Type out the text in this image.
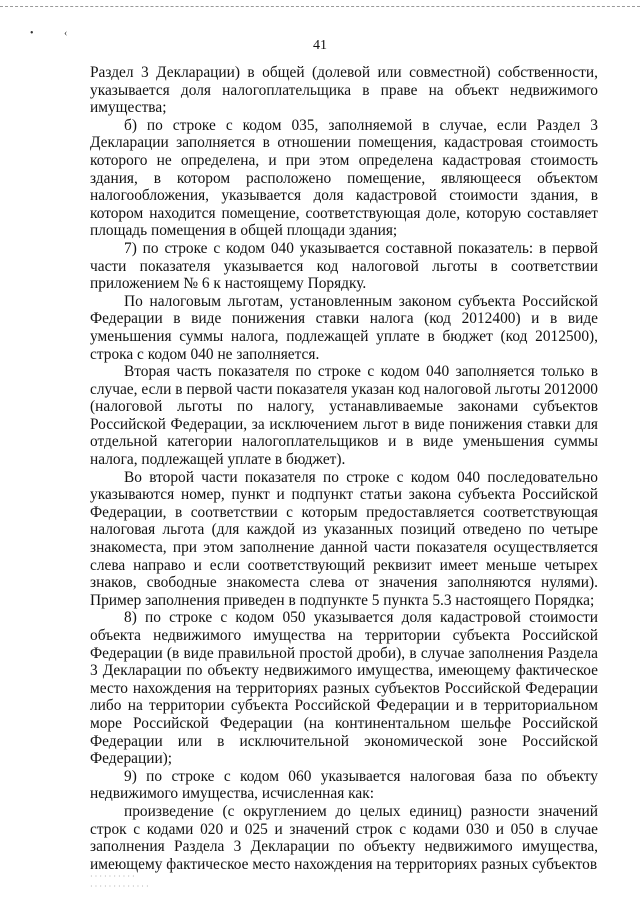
•	‹
41

Раздел 3 Декларации) в общей (долевой или совместной) собственности, указывается доля налогоплательщика в праве на объект недвижимого имущества;

б) по строке с кодом 035, заполняемой в случае, если Раздел 3 Декларации заполняется в отношении помещения, кадастровая стоимость которого не определена, и при этом определена кадастровая стоимость здания, в котором расположено помещение, являющееся объектом налогообложения, указывается доля кадастровой стоимости здания, в котором находится помещение, соответствующая доле, которую составляет площадь помещения в общей площади здания;

7) по строке с кодом 040 указывается составной показатель: в первой части показателя указывается код налоговой льготы в соответствии приложением № 6 к настоящему Порядку.

По налоговым льготам, установленным законом субъекта Российской Федерации в виде понижения ставки налога (код 2012400) и в виде уменьшения суммы налога, подлежащей уплате в бюджет (код 2012500), строка с кодом 040 не заполняется.

Вторая часть показателя по строке с кодом 040 заполняется только в случае, если в первой части показателя указан код налоговой льготы 2012000 (налоговой льготы по налогу, устанавливаемые законами субъектов Российской Федерации, за исключением льгот в виде понижения ставки для отдельной категории налогоплательщиков и в виде уменьшения суммы налога, подлежащей уплате в бюджет).

Во второй части показателя по строке с кодом 040 последовательно указываются номер, пункт и подпункт статьи закона субъекта Российской Федерации, в соответствии с которым предоставляется соответствующая налоговая льгота (для каждой из указанных позиций отведено по четыре знакоместа, при этом заполнение данной части показателя осуществляется слева направо и если соответствующий реквизит имеет меньше четырех знаков, свободные знакоместа слева от значения заполняются нулями). Пример заполнения приведен в подпункте 5 пункта 5.3 настоящего Порядка;

8) по строке с кодом 050 указывается доля кадастровой стоимости объекта недвижимого имущества на территории субъекта Российской Федерации (в виде правильной простой дроби), в случае заполнения Раздела 3 Декларации по объекту недвижимого имущества, имеющему фактическое место нахождения на территориях разных субъектов Российской Федерации либо на территории субъекта Российской Федерации и в территориальном море Российской Федерации (на континентальном шельфе Российской Федерации или в исключительной экономической зоне Российской Федерации);

9) по строке с кодом 060 указывается налоговая база по объекту недвижимого имущества, исчисленная как:

произведение (с округлением до целых единиц) разности значений строк с кодами 020 и 025 и значений строк с кодами 030 и 050 в случае заполнения Раздела 3 Декларации по объекту недвижимого имущества, имеющему фактическое место нахождения на территориях разных субъектов

· · · · · · · · · ·
· · · · · · · · · · · · ·
